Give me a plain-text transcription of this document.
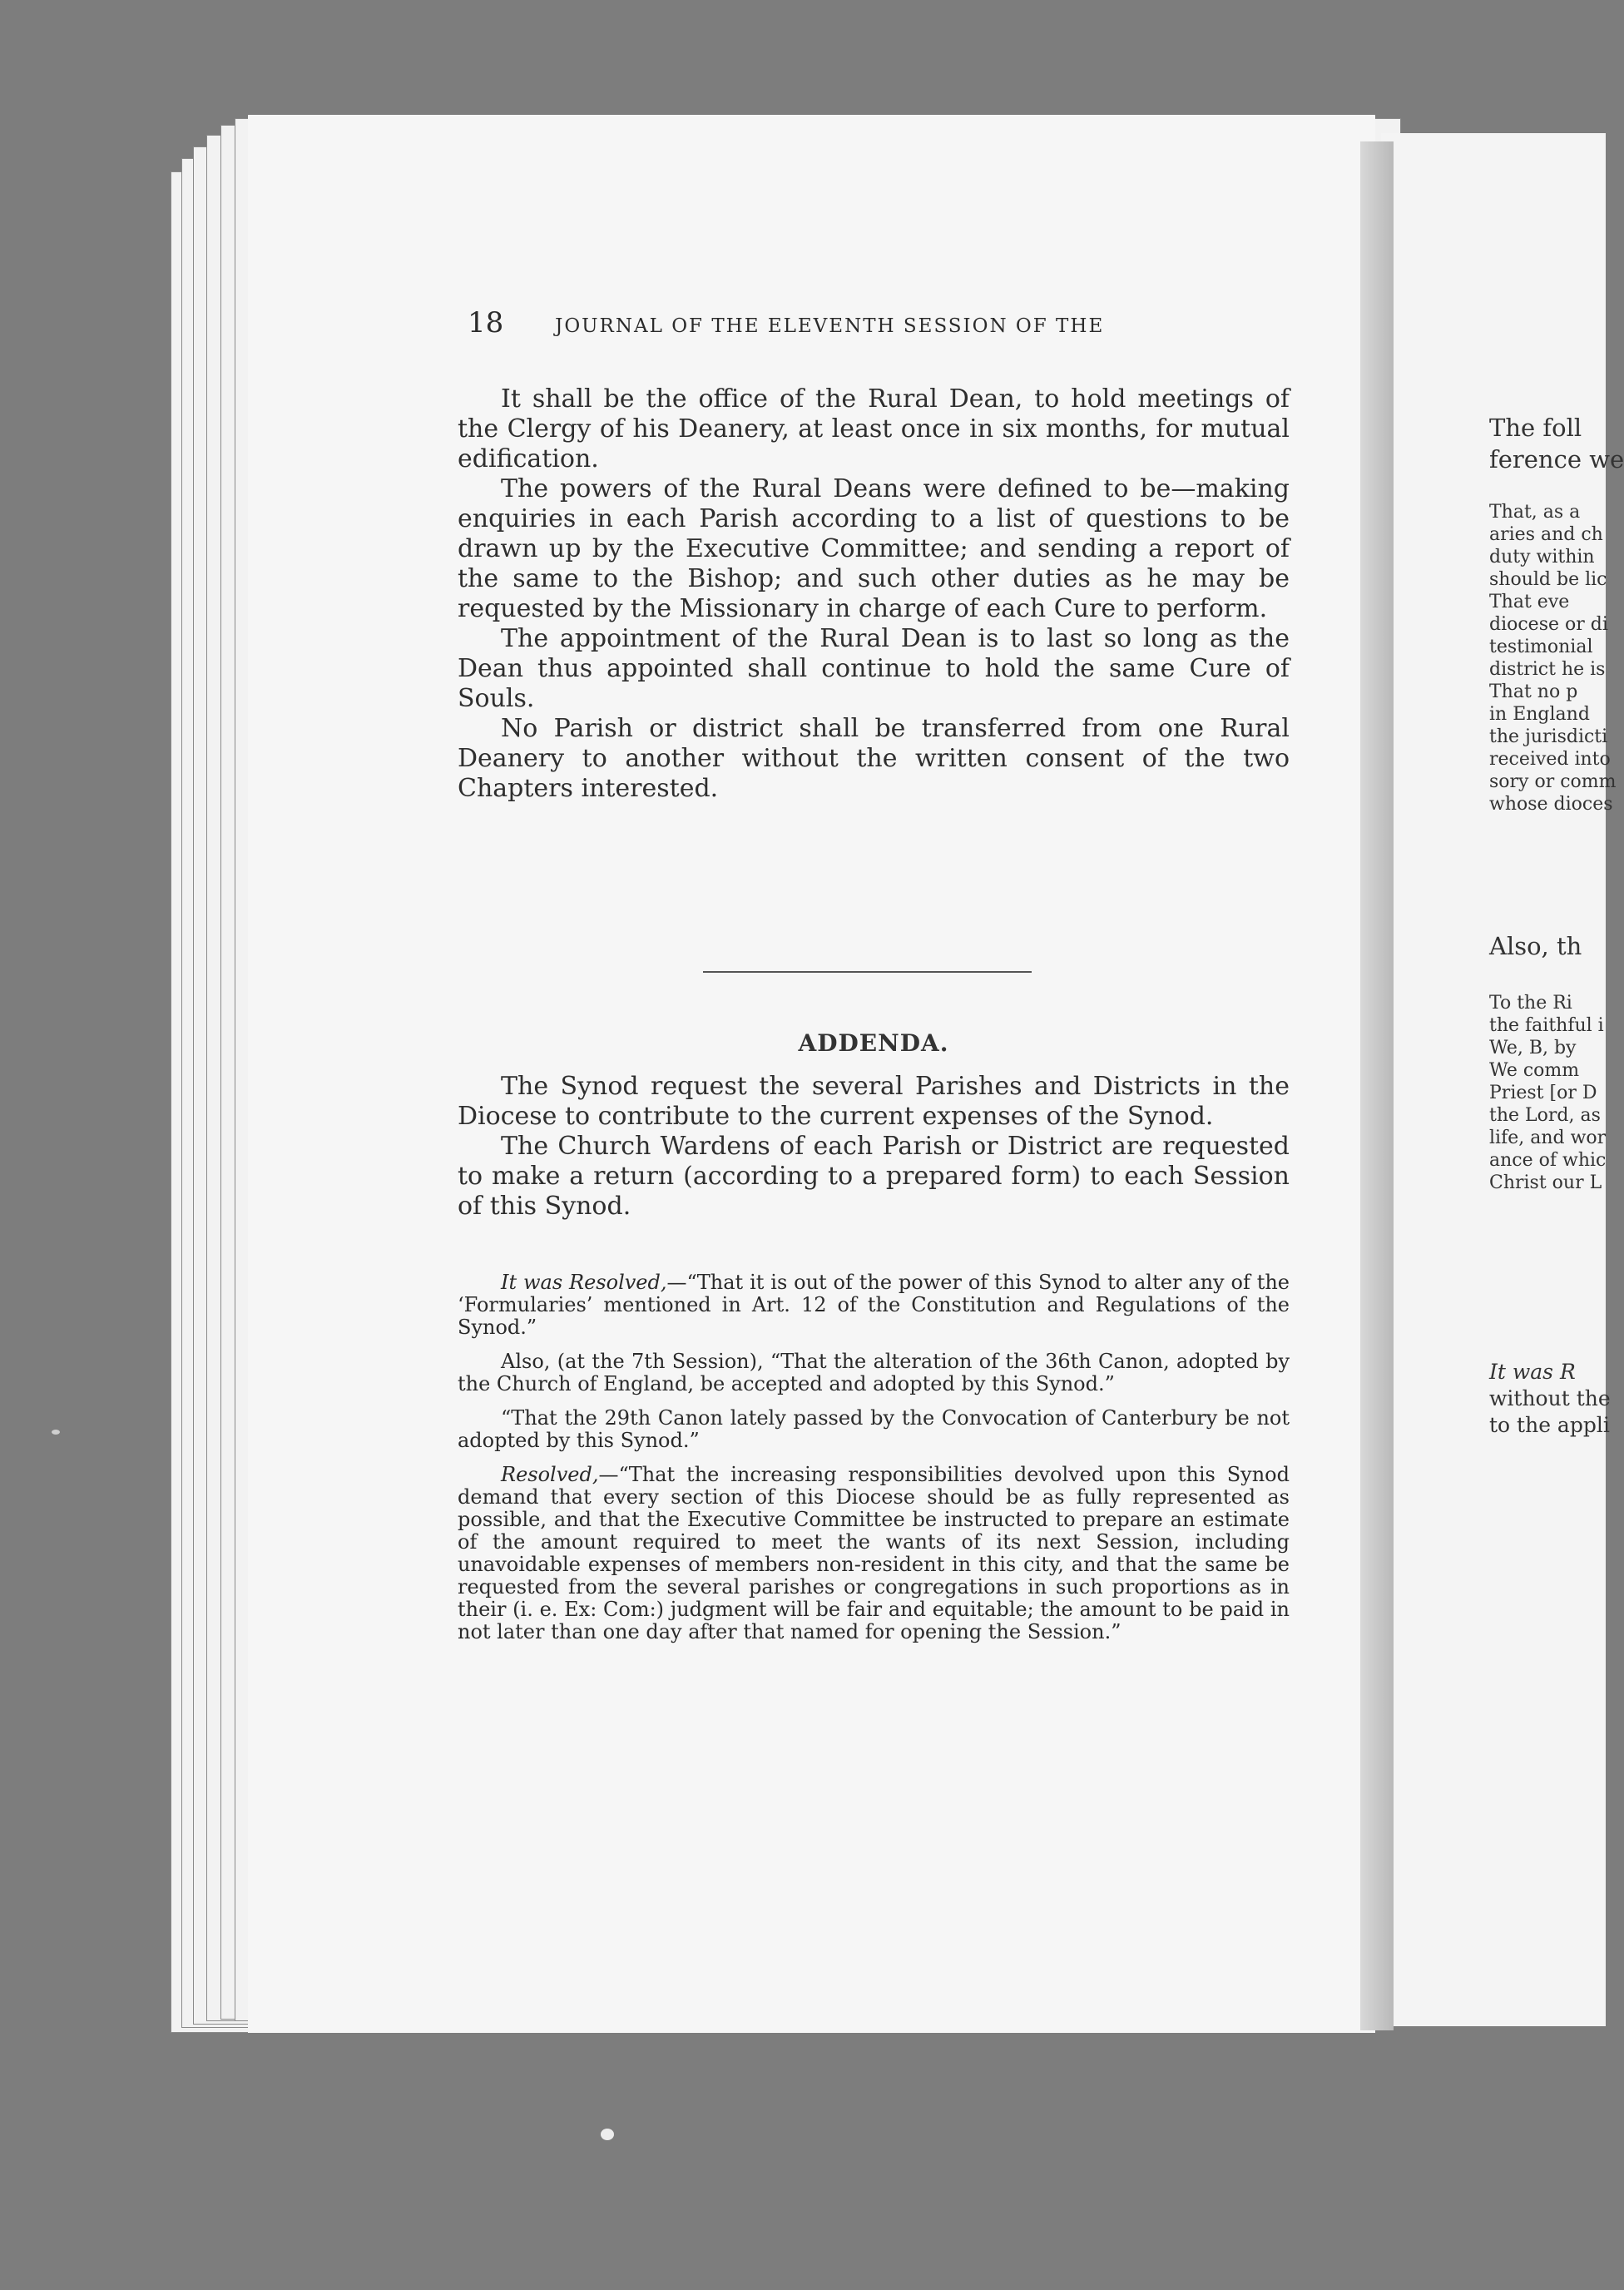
18	JOURNAL OF THE ELEVENTH SESSION OF THE

It shall be the office of the Rural Dean, to hold meetings of the Clergy of his Deanery, at least once in six months, for mutual edification.

The powers of the Rural Deans were defined to be—making enquiries in each Parish according to a list of questions to be drawn up by the Executive Committee; and sending a report of the same to the Bishop; and such other duties as he may be requested by the Missionary in charge of each Cure to perform.

The appointment of the Rural Dean is to last so long as the Dean thus appointed shall continue to hold the same Cure of Souls.

No Parish or district shall be transferred from one Rural Deanery to another without the written consent of the two Chapters interested.

ADDENDA.

The Synod request the several Parishes and Districts in the Diocese to contribute to the current expenses of the Synod.

The Church Wardens of each Parish or District are requested to make a return (according to a prepared form) to each Session of this Synod.

It was Resolved,—“That it is out of the power of this Synod to alter any of the ‘Formularies’ mentioned in Art. 12 of the Constitution and Regulations of the Synod.”

Also, (at the 7th Session), “That the alteration of the 36th Canon, adopted by the Church of England, be accepted and adopted by this Synod.”

“That the 29th Canon lately passed by the Convocation of Canterbury be not adopted by this Synod.”

Resolved,—“That the increasing responsibilities devolved upon this Synod demand that every section of this Diocese should be as fully represented as possible, and that the Executive Committee be instructed to prepare an estimate of the amount required to meet the wants of its next Session, including unavoidable expenses of members non-resident in this city, and that the same be requested from the several parishes or congregations in such proportions as in their (i. e. Ex: Com:) judgment will be fair and equitable; the amount to be paid in not later than one day after that named for opening the Session.”

The foll
ference we
That, as a
aries and ch
duty within
should be lic
That eve
diocese or di
testimonial
district he is
That no p
in England
the jurisdicti
received into
sory or comm
whose dioces
Also, th
To the Ri
the faithful i
We, B, by
We comm
Priest [or D
the Lord, as
life, and wor
ance of whic
Christ our L
It was R
without the
to the appli
